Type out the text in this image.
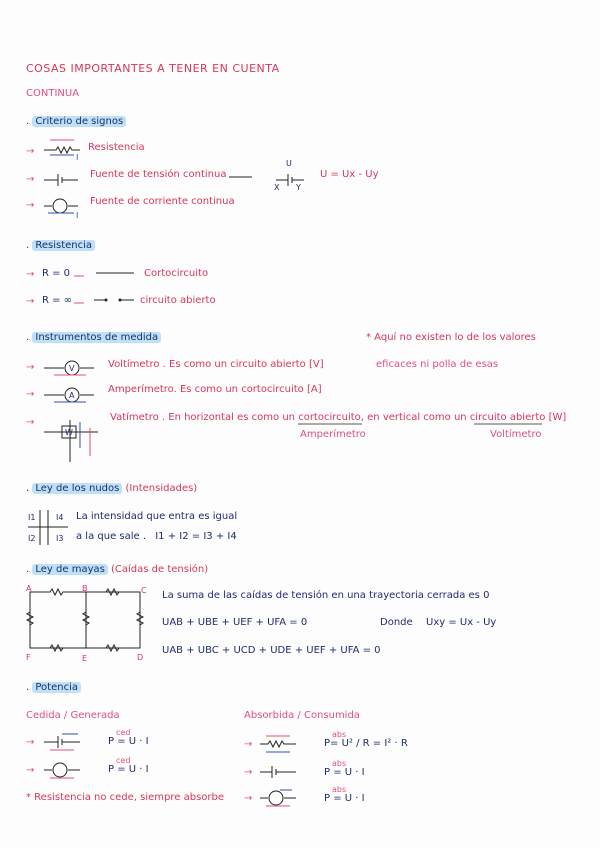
COSAS IMPORTANTES A TENER EN CUENTA
CONTINUA
. Criterio de signos
→
→
→
Resistencia
Fuente de tensión continua
Fuente de corriente continua
U
X Y
U = Ux - Uy
I
I
. Resistencia
→ R = 0	Cortocircuito
→ R = ∞	circuito abierto
. Instrumentos de medida	* Aquí no existen lo de los valores
eficaces ni polla de esas
→	V	Voltímetro . Es como un circuito abierto [V]
→	A
Amperímetro. Es como un cortocircuito [A]
→
W
Vatímetro . En horizontal es como un cortocircuito, en vertical como un circuito abierto [W]
Amperímetro	Voltímetro
. Ley de los nudos (Intensidades)
I1	I4
I2	I3
La intensidad que entra es igual
a la que sale . I1 + I2 = I3 + I4
. Ley de mayas (Caídas de tensión)
A	B	C
D
E
F
La suma de las caídas de tensión en una trayectoria cerrada es 0
UAB + UBE + UEF + UFA = 0	Donde Uxy = Ux - Uy
UAB + UBC + UCD + UDE + UEF + UFA = 0
. Potencia
Cedida / Generada	Absorbida / Consumida
→
ced
P = U · I
→
ced
P = U · I
* Resistencia no cede, siempre absorbe
→
abs
P= U² / R = I² · R
→
abs
P = U · I
→
abs
P = U · I
